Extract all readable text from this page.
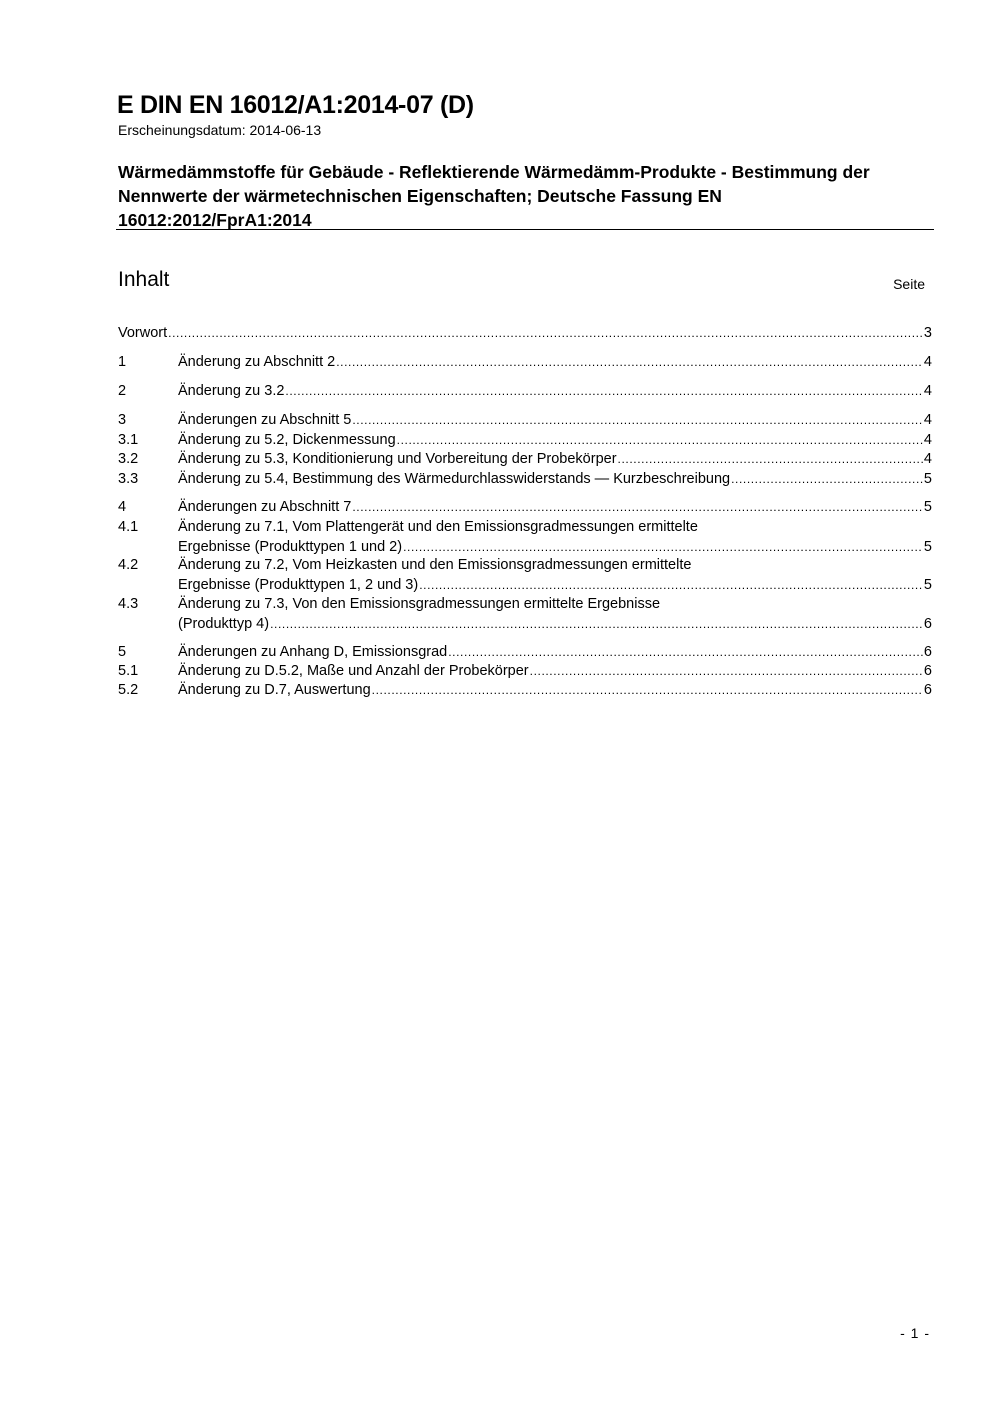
E DIN EN 16012/A1:2014-07 (D)
Erscheinungsdatum: 2014-06-13
Wärmedämmstoffe für Gebäude - Reflektierende Wärmedämm-Produkte - Bestimmung der Nennwerte der wärmetechnischen Eigenschaften; Deutsche Fassung EN 16012:2012/FprA1:2014
Inhalt	Seite
Vorwort .....	3
1	Änderung zu Abschnitt 2 .....	4
2	Änderung zu 3.2 .....	4
3	Änderungen zu Abschnitt 5 .....	4
3.1	Änderung zu 5.2, Dickenmessung .....	4
3.2	Änderung zu 5.3, Konditionierung und Vorbereitung der Probekörper .....	4
3.3	Änderung zu 5.4, Bestimmung des Wärmedurchlasswiderstands — Kurzbeschreibung .....	5
4	Änderungen zu Abschnitt 7 .....	5
4.1	Änderung zu 7.1, Vom Plattengerät und den Emissionsgradmessungen ermittelte
Ergebnisse (Produkttypen 1 und 2) .....	5
4.2	Änderung zu 7.2, Vom Heizkasten und den Emissionsgradmessungen ermittelte
Ergebnisse (Produkttypen 1, 2 und 3) .....	5
4.3	Änderung zu 7.3, Von den Emissionsgradmessungen ermittelte Ergebnisse
(Produkttyp 4) .....	6
5	Änderungen zu Anhang D, Emissionsgrad .....	6
5.1	Änderung zu D.5.2, Maße und Anzahl der Probekörper .....	6
5.2	Änderung zu D.7, Auswertung .....	6
- 1 -
